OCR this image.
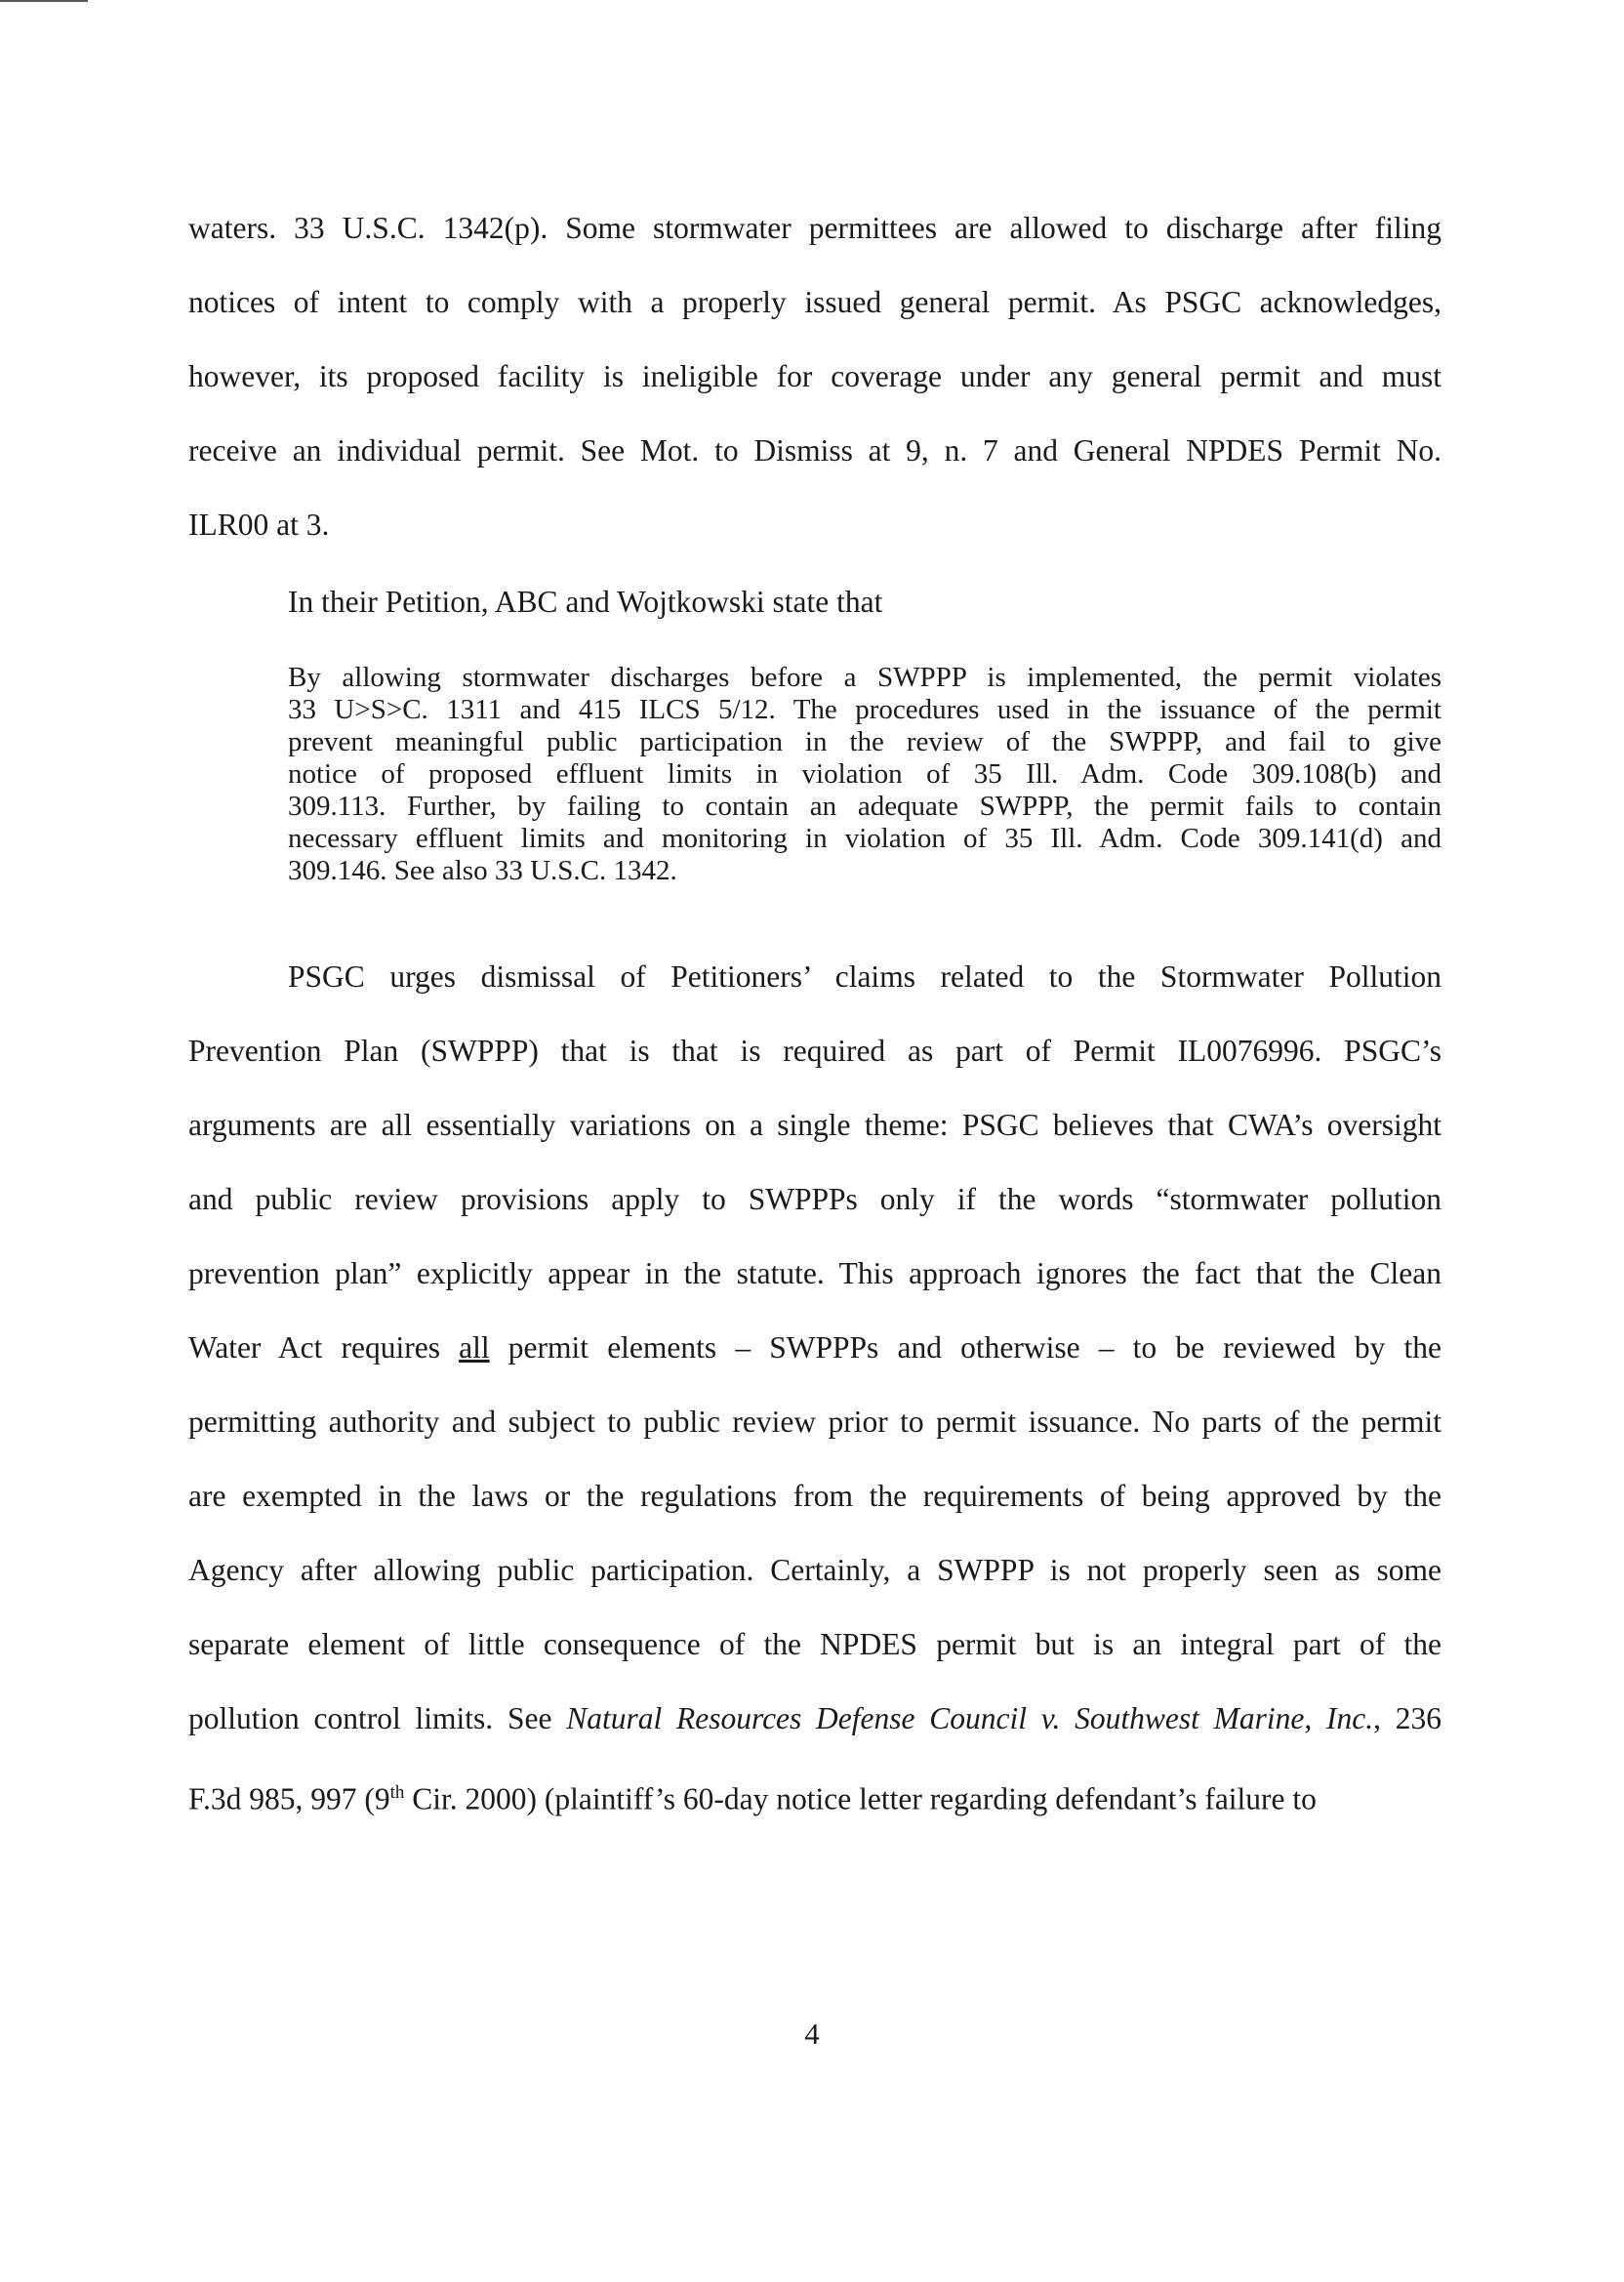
waters. 33 U.S.C. 1342(p). Some stormwater permittees are allowed to discharge after filing
notices of intent to comply with a properly issued general permit. As PSGC acknowledges,
however, its proposed facility is ineligible for coverage under any general permit and must
receive an individual permit. See Mot. to Dismiss at 9, n. 7 and General NPDES Permit No.
ILR00 at 3.
In their Petition, ABC and Wojtkowski state that
By allowing stormwater discharges before a SWPPP is implemented, the permit violates
33 U>S>C. 1311 and 415 ILCS 5/12. The procedures used in the issuance of the permit
prevent meaningful public participation in the review of the SWPPP, and fail to give
notice of proposed effluent limits in violation of 35 Ill. Adm. Code 309.108(b) and
309.113. Further, by failing to contain an adequate SWPPP, the permit fails to contain
necessary effluent limits and monitoring in violation of 35 Ill. Adm. Code 309.141(d) and
309.146. See also 33 U.S.C. 1342.
PSGC urges dismissal of Petitioners’ claims related to the Stormwater Pollution
Prevention Plan (SWPPP) that is that is required as part of Permit IL0076996. PSGC’s
arguments are all essentially variations on a single theme: PSGC believes that CWA’s oversight
and public review provisions apply to SWPPPs only if the words “stormwater pollution
prevention plan” explicitly appear in the statute. This approach ignores the fact that the Clean
Water Act requires all permit elements – SWPPPs and otherwise – to be reviewed by the
permitting authority and subject to public review prior to permit issuance. No parts of the permit
are exempted in the laws or the regulations from the requirements of being approved by the
Agency after allowing public participation. Certainly, a SWPPP is not properly seen as some
separate element of little consequence of the NPDES permit but is an integral part of the
pollution control limits. See Natural Resources Defense Council v. Southwest Marine, Inc., 236
F.3d 985, 997 (9th Cir. 2000) (plaintiff’s 60-day notice letter regarding defendant’s failure to
4
